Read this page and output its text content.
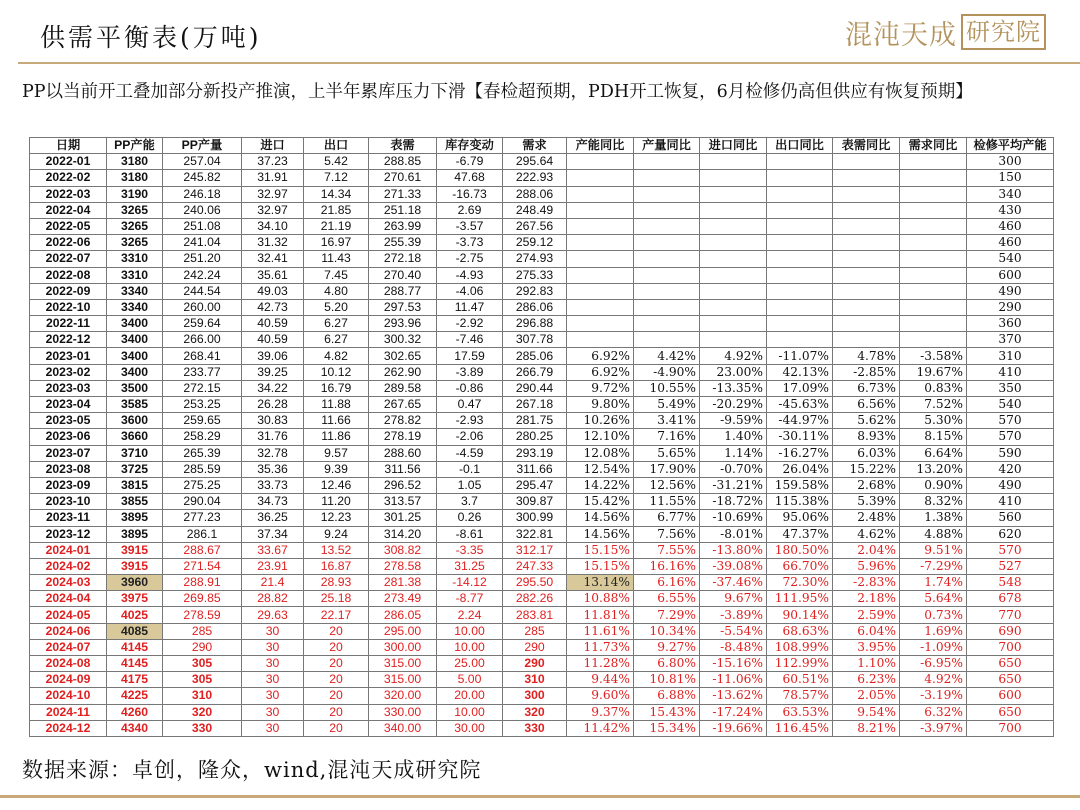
供需平衡表(万吨)	混沌天成 研究院
PP以当前开工叠加部分新投产推演，上半年累库压力下滑【春检超预期，PDH开工恢复，6月检修仍高但供应有恢复预期】
日期	PP产能	PP产量	进口	出口	表需	库存变动	需求	产能同比	产量同比	进口同比	出口同比	表需同比	需求同比	检修平均产能
2022-01	3180	257.04	37.23	5.42	288.85	-6.79	295.64							300
2022-02	3180	245.82	31.91	7.12	270.61	47.68	222.93							150
2022-03	3190	246.18	32.97	14.34	271.33	-16.73	288.06							340
2022-04	3265	240.06	32.97	21.85	251.18	2.69	248.49							430
2022-05	3265	251.08	34.10	21.19	263.99	-3.57	267.56							460
2022-06	3265	241.04	31.32	16.97	255.39	-3.73	259.12							460
2022-07	3310	251.20	32.41	11.43	272.18	-2.75	274.93							540
2022-08	3310	242.24	35.61	7.45	270.40	-4.93	275.33							600
2022-09	3340	244.54	49.03	4.80	288.77	-4.06	292.83							490
2022-10	3340	260.00	42.73	5.20	297.53	11.47	286.06							290
2022-11	3400	259.64	40.59	6.27	293.96	-2.92	296.88							360
2022-12	3400	266.00	40.59	6.27	300.32	-7.46	307.78							370
2023-01	3400	268.41	39.06	4.82	302.65	17.59	285.06	6.92%	4.42%	4.92%	-11.07%	4.78%	-3.58%	310
2023-02	3400	233.77	39.25	10.12	262.90	-3.89	266.79	6.92%	-4.90%	23.00%	42.13%	-2.85%	19.67%	410
2023-03	3500	272.15	34.22	16.79	289.58	-0.86	290.44	9.72%	10.55%	-13.35%	17.09%	6.73%	0.83%	350
2023-04	3585	253.25	26.28	11.88	267.65	0.47	267.18	9.80%	5.49%	-20.29%	-45.63%	6.56%	7.52%	540
2023-05	3600	259.65	30.83	11.66	278.82	-2.93	281.75	10.26%	3.41%	-9.59%	-44.97%	5.62%	5.30%	570
2023-06	3660	258.29	31.76	11.86	278.19	-2.06	280.25	12.10%	7.16%	1.40%	-30.11%	8.93%	8.15%	570
2023-07	3710	265.39	32.78	9.57	288.60	-4.59	293.19	12.08%	5.65%	1.14%	-16.27%	6.03%	6.64%	590
2023-08	3725	285.59	35.36	9.39	311.56	-0.1	311.66	12.54%	17.90%	-0.70%	26.04%	15.22%	13.20%	420
2023-09	3815	275.25	33.73	12.46	296.52	1.05	295.47	14.22%	12.56%	-31.21%	159.58%	2.68%	0.90%	490
2023-10	3855	290.04	34.73	11.20	313.57	3.7	309.87	15.42%	11.55%	-18.72%	115.38%	5.39%	8.32%	410
2023-11	3895	277.23	36.25	12.23	301.25	0.26	300.99	14.56%	6.77%	-10.69%	95.06%	2.48%	1.38%	560
2023-12	3895	286.1	37.34	9.24	314.20	-8.61	322.81	14.56%	7.56%	-8.01%	47.37%	4.62%	4.88%	620
2024-01	3915	288.67	33.67	13.52	308.82	-3.35	312.17	15.15%	7.55%	-13.80%	180.50%	2.04%	9.51%	570
2024-02	3915	271.54	23.91	16.87	278.58	31.25	247.33	15.15%	16.16%	-39.08%	66.70%	5.96%	-7.29%	527
2024-03	3960	288.91	21.4	28.93	281.38	-14.12	295.50	13.14%	6.16%	-37.46%	72.30%	-2.83%	1.74%	548
2024-04	3975	269.85	28.82	25.18	273.49	-8.77	282.26	10.88%	6.55%	9.67%	111.95%	2.18%	5.64%	678
2024-05	4025	278.59	29.63	22.17	286.05	2.24	283.81	11.81%	7.29%	-3.89%	90.14%	2.59%	0.73%	770
2024-06	4085	285	30	20	295.00	10.00	285	11.61%	10.34%	-5.54%	68.63%	6.04%	1.69%	690
2024-07	4145	290	30	20	300.00	10.00	290	11.73%	9.27%	-8.48%	108.99%	3.95%	-1.09%	700
2024-08	4145	305	30	20	315.00	25.00	290	11.28%	6.80%	-15.16%	112.99%	1.10%	-6.95%	650
2024-09	4175	305	30	20	315.00	5.00	310	9.44%	10.81%	-11.06%	60.51%	6.23%	4.92%	650
2024-10	4225	310	30	20	320.00	20.00	300	9.60%	6.88%	-13.62%	78.57%	2.05%	-3.19%	600
2024-11	4260	320	30	20	330.00	10.00	320	9.37%	15.43%	-17.24%	63.53%	9.54%	6.32%	650
2024-12	4340	330	30	20	340.00	30.00	330	11.42%	15.34%	-19.66%	116.45%	8.21%	-3.97%	700
数据来源：卓创，隆众，wind,混沌天成研究院
